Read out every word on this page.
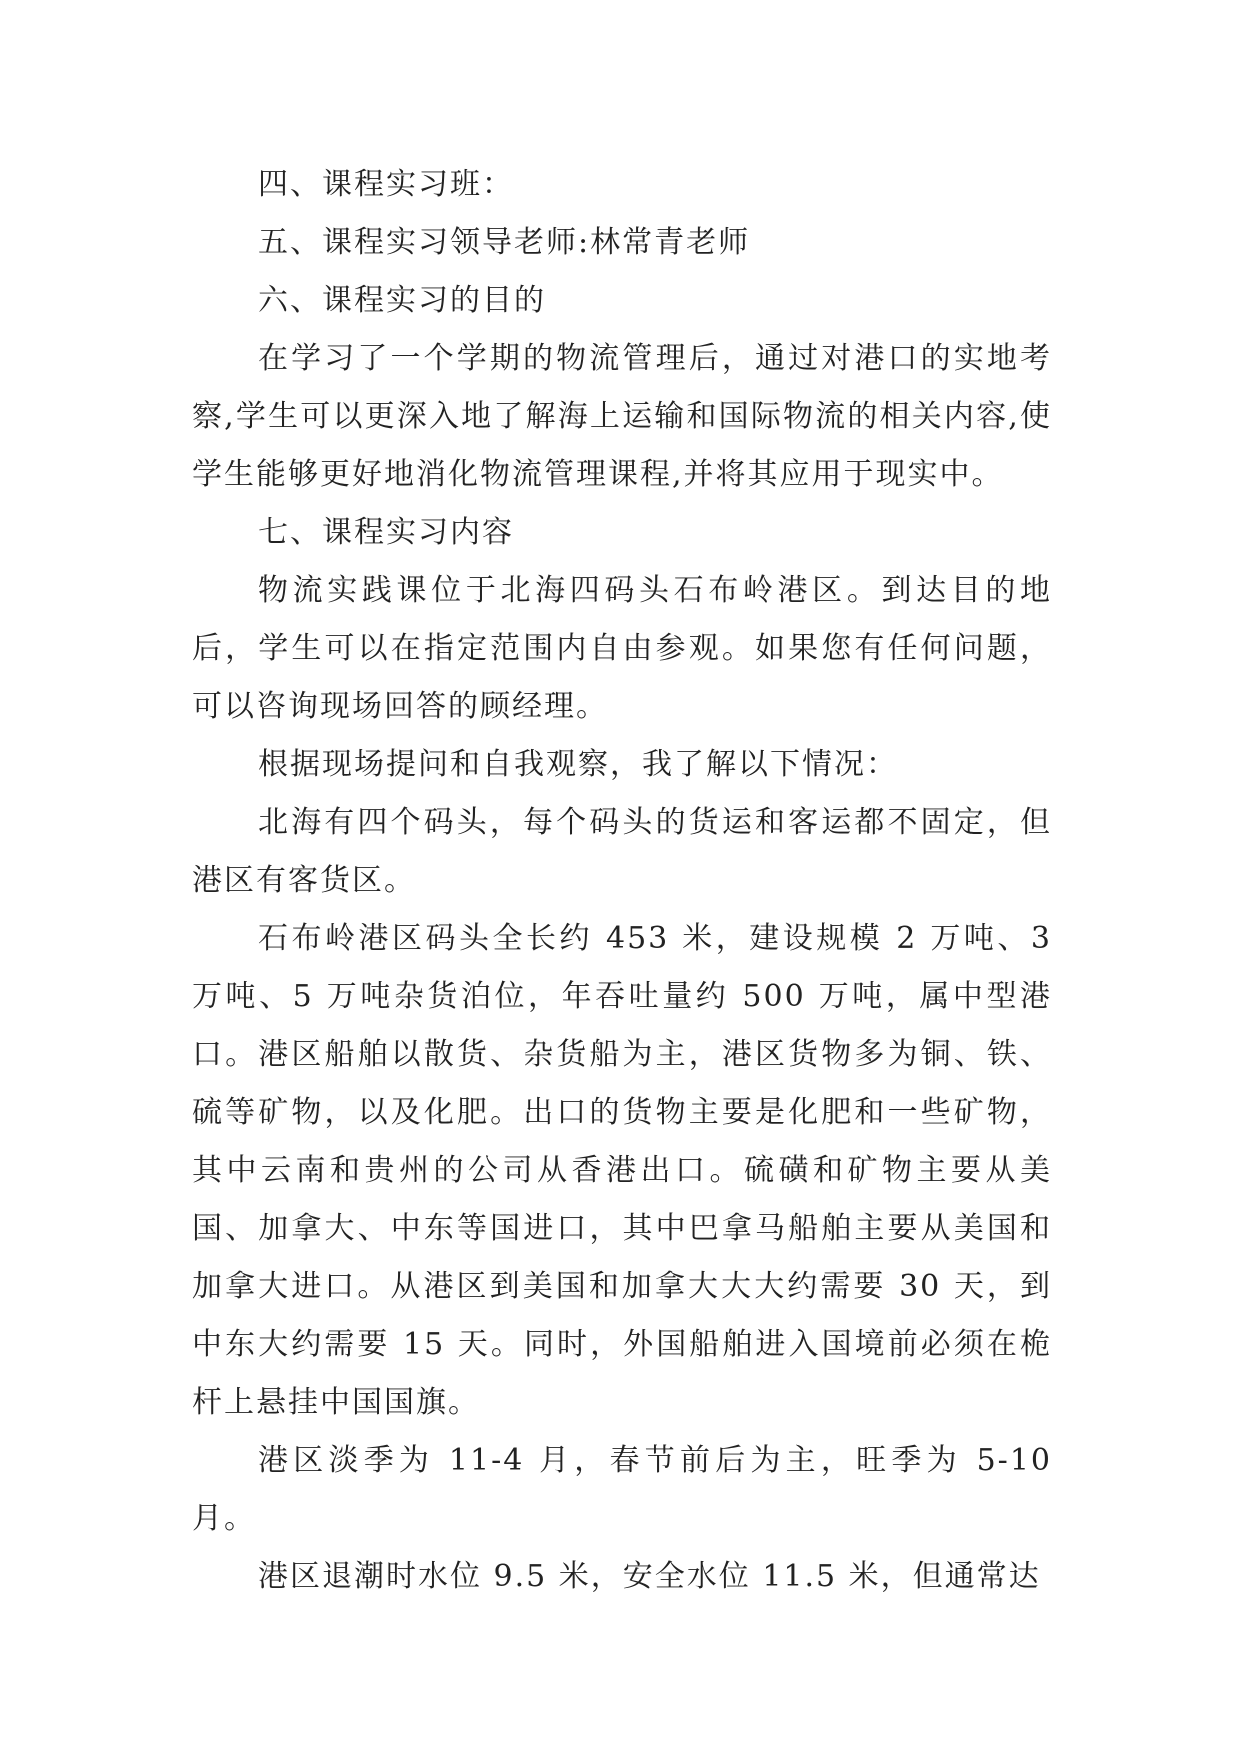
四、课程实习班：

五、课程实习领导老师:林常青老师

六、课程实习的目的

在学习了一个学期的物流管理后，通过对港口的实地考察,学生可以更深入地了解海上运输和国际物流的相关内容,使学生能够更好地消化物流管理课程,并将其应用于现实中。

七、课程实习内容

物流实践课位于北海四码头石布岭港区。到达目的地后，学生可以在指定范围内自由参观。如果您有任何问题，可以咨询现场回答的顾经理。

根据现场提问和自我观察，我了解以下情况：

北海有四个码头，每个码头的货运和客运都不固定，但港区有客货区。

石布岭港区码头全长约 453 米，建设规模 2 万吨、3 万吨、5 万吨杂货泊位，年吞吐量约 500 万吨，属中型港口。港区船舶以散货、杂货船为主，港区货物多为铜、铁、硫等矿物，以及化肥。出口的货物主要是化肥和一些矿物，其中云南和贵州的公司从香港出口。硫磺和矿物主要从美国、加拿大、中东等国进口，其中巴拿马船舶主要从美国和加拿大进口。从港区到美国和加拿大大大约需要 30 天，到中东大约需要 15 天。同时，外国船舶进入国境前必须在桅杆上悬挂中国国旗。

港区淡季为 11-4 月，春节前后为主，旺季为 5-10 月。

港区退潮时水位 9.5 米，安全水位 11.5 米，但通常达
